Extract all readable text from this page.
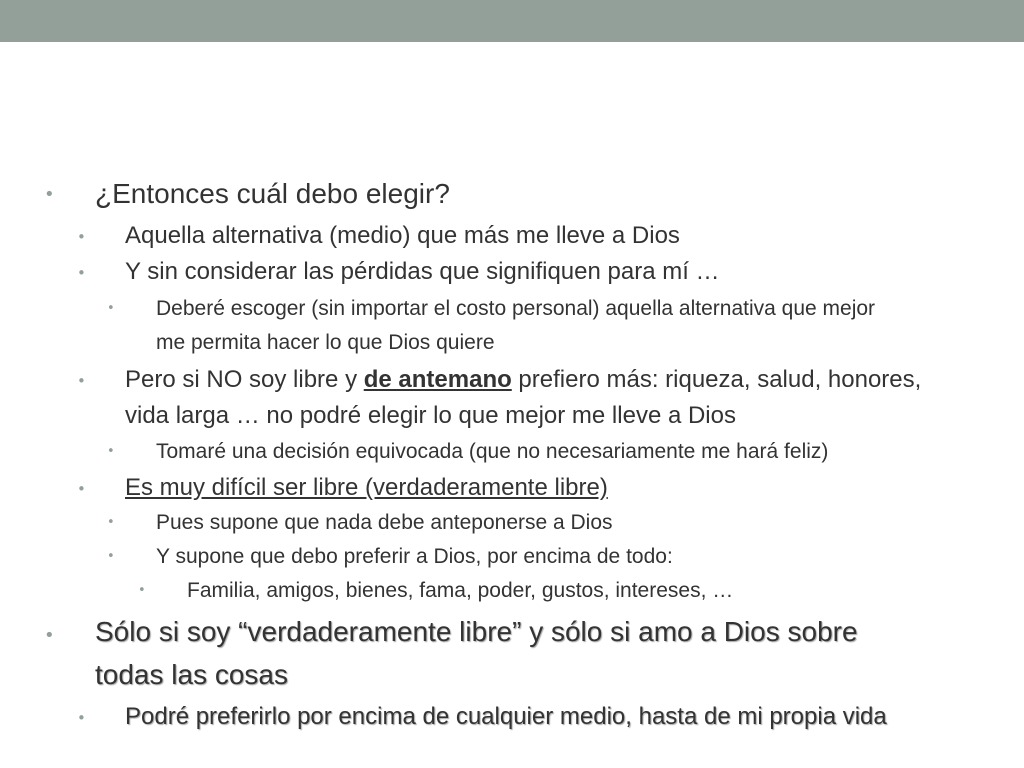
• ¿Entonces cuál debo elegir?
• Aquella alternativa (medio) que más me lleve a Dios
• Y sin considerar las pérdidas que signifiquen para mí …
• Deberé escoger (sin importar el costo personal) aquella alternativa que mejor
me permita hacer lo que Dios quiere
• Pero si NO soy libre y de antemano prefiero más: riqueza, salud, honores,
vida larga … no podré elegir lo que mejor me lleve a Dios
• Tomaré una decisión equivocada (que no necesariamente me hará feliz)
• Es muy difícil ser libre (verdaderamente libre)
• Pues supone que nada debe anteponerse a Dios
• Y supone que debo preferir a Dios, por encima de todo:
• Familia, amigos, bienes, fama, poder, gustos, intereses, …
• Sólo si soy “verdaderamente libre” y sólo si amo a Dios sobre
todas las cosas
• Podré preferirlo por encima de cualquier medio, hasta de mi propia vida
